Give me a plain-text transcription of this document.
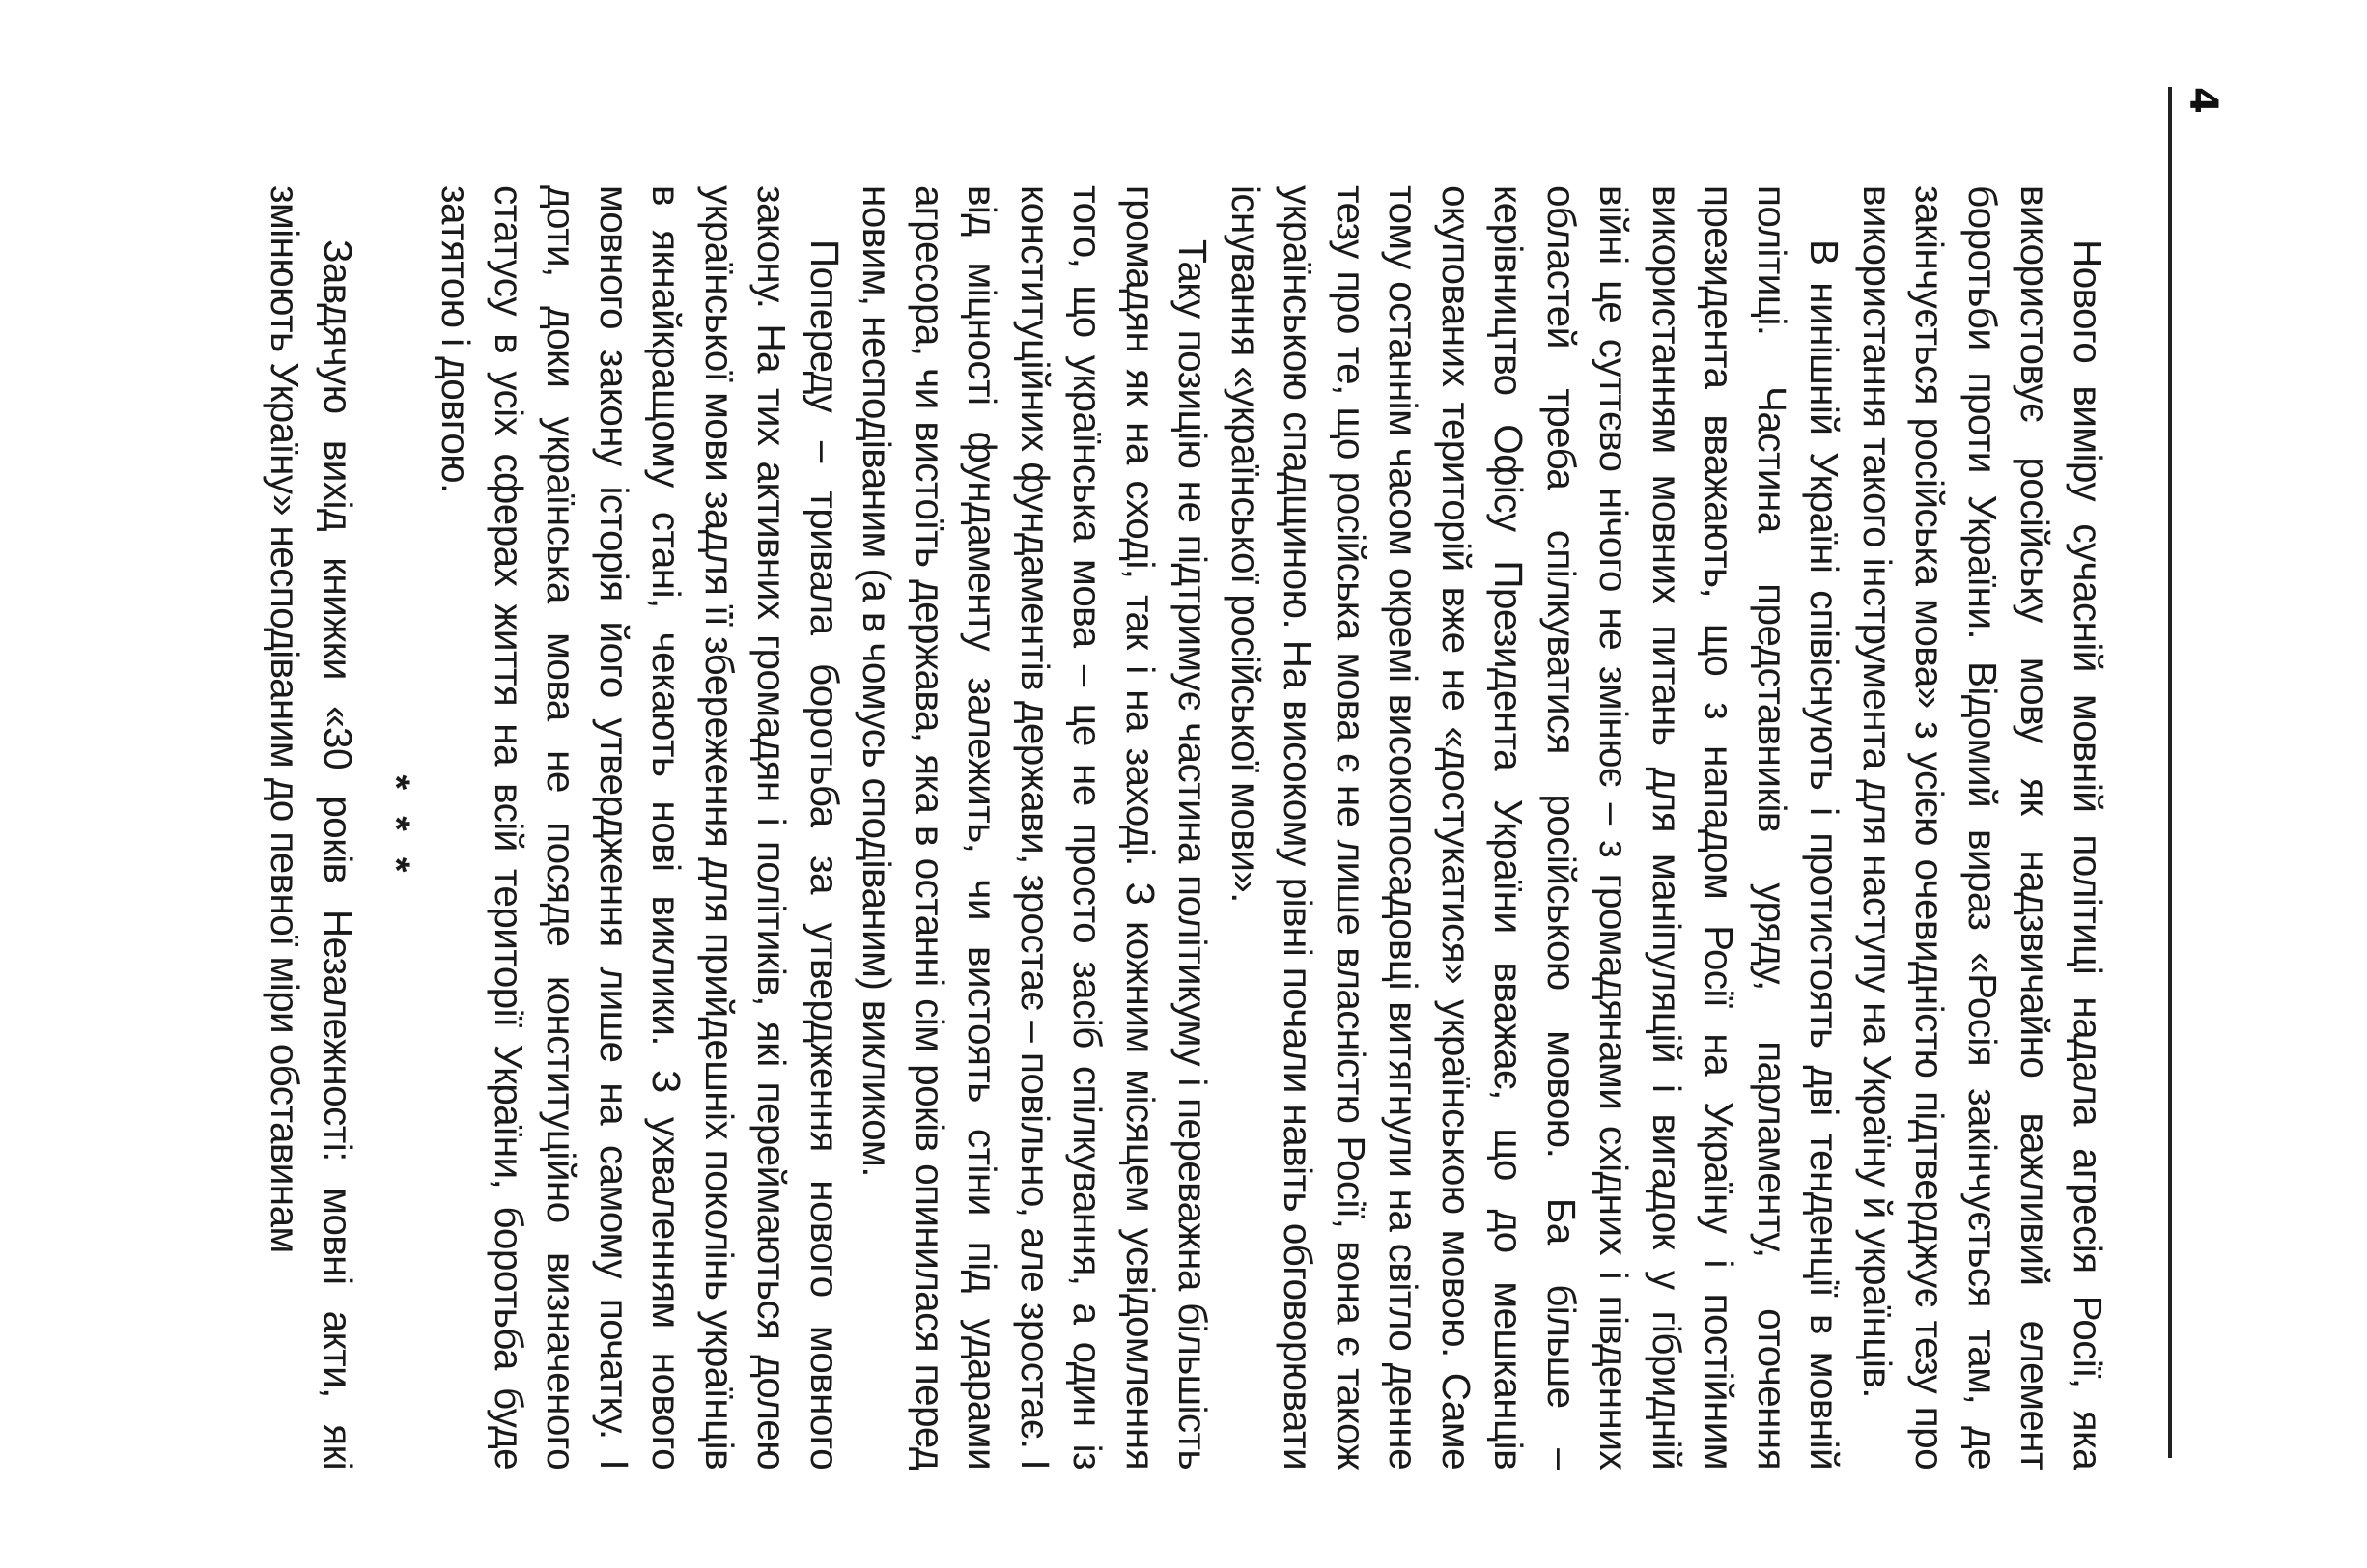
4

Нового виміру сучасній мовній політиці надала агресія Росії, яка використовує російську мову як надзвичайно важливий елемент боротьби проти України. Відомий вираз «Росія закінчується там, де закінчується російська мова» з усією очевидністю підтверджує тезу про використання такого інструмента для наступу на Україну й українців.

В нинішній Україні співіснують і протистоять дві тенденції в мовній політиці. Частина представників уряду, парламенту, оточення президента вважають, що з нападом Росії на Україну і постійним використанням мовних питань для маніпуляцій і вигадок у гібридній війні це суттєво нічого не змінює – з громадянами східних і південних областей треба спілкуватися російською мовою. Ба більше – керівництво Офісу Президента України вважає, що до мешканців окупованих територій вже не «достукатися» українською мовою. Саме тому останнім часом окремі високопосадовці витягнули на світло денне тезу про те, що російська мова є не лише власністю Росії, вона є також українською спадщиною. На високому рівні почали навіть обговорювати існування «української російської мови».

Таку позицію не підтримує частина політикуму і переважна більшість громадян як на сході, так і на заході. З кожним місяцем усвідомлення того, що українська мова – це не просто засіб спілкування, а один із конституційних фундаментів держави, зростає – повільно, але зростає. І від міцності фундаменту залежить, чи вистоять стіни під ударами агресора, чи вистоїть держава, яка в останні сім років опинилася перед новим, несподіваним (а в чомусь сподіваним) викликом.

Попереду – тривала боротьба за утвердження нового мовного закону. На тих активних громадян і політиків, які переймаються долею української мови задля її збереження для прийдешніх поколінь українців в якнайкращому стані, чекають нові виклики. З ухваленням нового мовного закону історія його утвердження лише на самому початку. І доти, доки українська мова не посяде конституційно визначеного статусу в усіх сферах життя на всій території України, боротьба буде затятою і довгою.

* * *

Завдячую вихід книжки «30 років Незалежності: мовні акти, які змінюють Україну» несподіваним до певної міри обставинам
